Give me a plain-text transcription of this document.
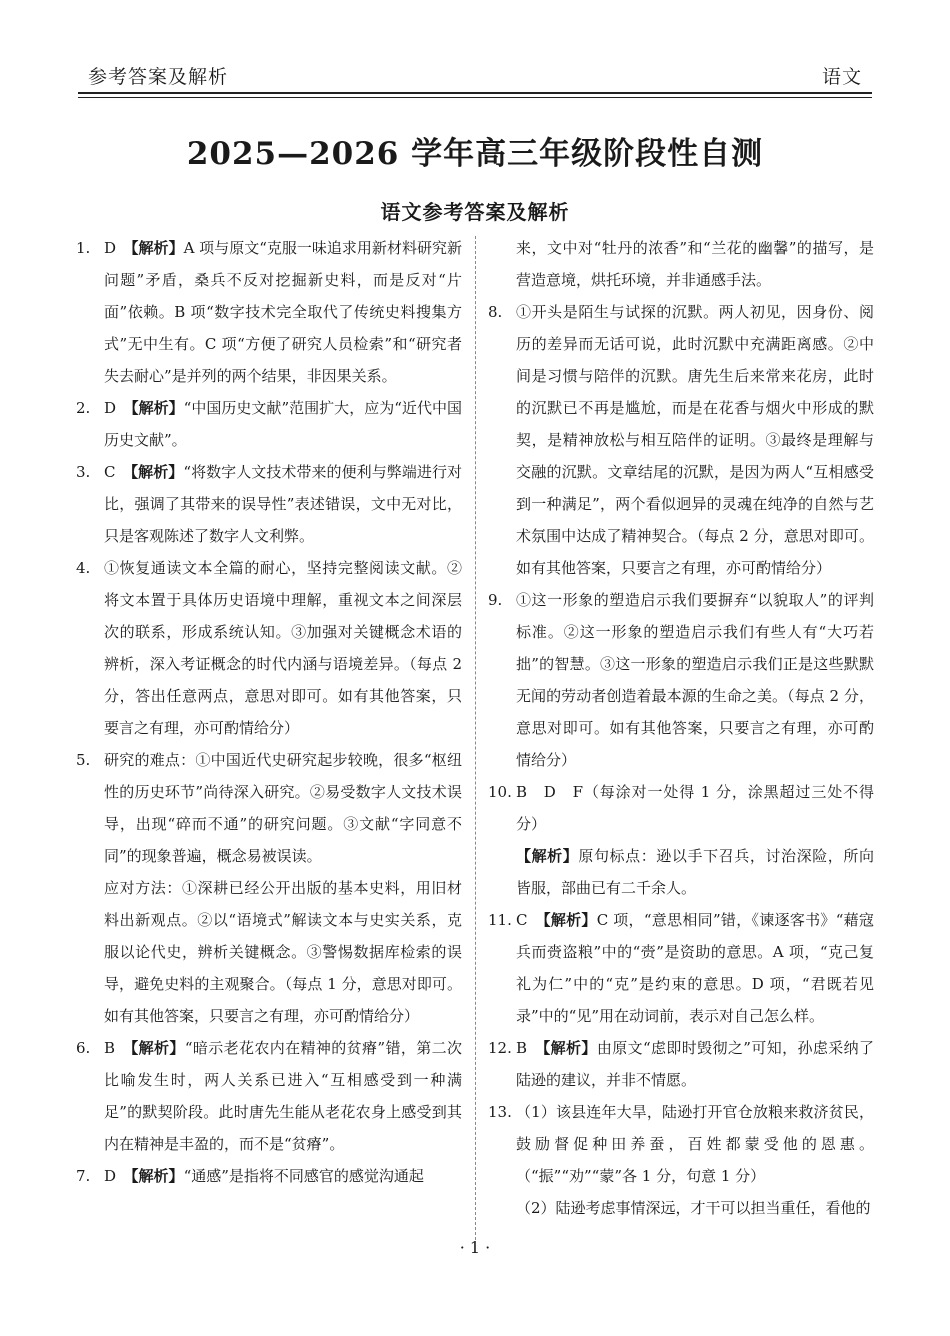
参考答案及解析	语文
2025—2026 学年高三年级阶段性自测
语文参考答案及解析
1. D　 【解析】A 项与原文“克服一味追求用新材料研究新问题”矛盾，桑兵不反对挖掘新史料，而是反对“片面”依赖。B 项“数字技术完全取代了传统史料搜集方式”无中生有。C 项“方便了研究人员检索”和“研究者失去耐心”是并列的两个结果，非因果关系。
2. D　 【解析】“中国历史文献”范围扩大，应为“近代中国历史文献”。
3. C　 【解析】“将数字人文技术带来的便利与弊端进行对比，强调了其带来的误导性”表述错误，文中无对比，只是客观陈述了数字人文利弊。
4. ①恢复通读文本全篇的耐心，坚持完整阅读文献。②将文本置于具体历史语境中理解，重视文本之间深层次的联系，形成系统认知。③加强对关键概念术语的辨析，深入考证概念的时代内涵与语境差异。（每点 2 分，答出任意两点，意思对即可。如有其他答案，只要言之有理，亦可酌情给分）
5. 研究的难点：①中国近代史研究起步较晚，很多“枢纽性的历史环节”尚待深入研究。②易受数字人文技术误导，出现“碎而不通”的研究问题。③文献“字同意不同”的现象普遍，概念易被误读。
应对方法：①深耕已经公开出版的基本史料，用旧材料出新观点。②以“语境式”解读文本与史实关系，克服以论代史，辨析关键概念。③警惕数据库检索的误导，避免史料的主观聚合。（每点 1 分，意思对即可。如有其他答案，只要言之有理，亦可酌情给分）
6. B　 【解析】“暗示老花农内在精神的贫瘠”错，第二次比喻发生时，两人关系已进入“互相感受到一种满足”的默契阶段。此时唐先生能从老花农身上感受到其内在精神是丰盈的，而不是“贫瘠”。
7. D　 【解析】“通感”是指将不同感官的感觉沟通起
来，文中对“牡丹的浓香”和“兰花的幽馨”的描写，是营造意境，烘托环境，并非通感手法。
8. ①开头是陌生与试探的沉默。两人初见，因身份、阅历的差异而无话可说，此时沉默中充满距离感。②中间是习惯与陪伴的沉默。唐先生后来常来花房，此时的沉默已不再是尴尬，而是在花香与烟火中形成的默契，是精神放松与相互陪伴的证明。③最终是理解与交融的沉默。文章结尾的沉默，是因为两人“互相感受到一种满足”，两个看似迥异的灵魂在纯净的自然与艺术氛围中达成了精神契合。（每点 2 分，意思对即可。如有其他答案，只要言之有理，亦可酌情给分）
9. ①这一形象的塑造启示我们要摒弃“以貌取人”的评判标准。②这一形象的塑造启示我们有些人有“大巧若拙”的智慧。③这一形象的塑造启示我们正是这些默默无闻的劳动者创造着最本源的生命之美。（每点 2 分，意思对即可。如有其他答案，只要言之有理，亦可酌情给分）
10. B　D　F（每涂对一处得 1 分，涂黑超过三处不得分）
【解析】原句标点：逊以手下召兵，讨治深险，所向皆服，部曲已有二千余人。
11. C　 【解析】C 项，“意思相同”错，《谏逐客书》“藉寇兵而赍盗粮”中的“赍”是资助的意思。A 项，“克己复礼为仁”中的“克”是约束的意思。D 项，“君既若见录”中的“见”用在动词前，表示对自己怎么样。
12. B　 【解析】由原文“虑即时毁彻之”可知，孙虑采纳了陆逊的建议，并非不情愿。
13. （1）该县连年大旱，陆逊打开官仓放粮来救济贫民，鼓励督促种田养蚕，百姓都蒙受他的恩惠。（“振”“劝”“蒙”各 1 分，句意 1 分）
（2）陆逊考虑事情深远，才干可以担当重任，看他的
· 1 ·
